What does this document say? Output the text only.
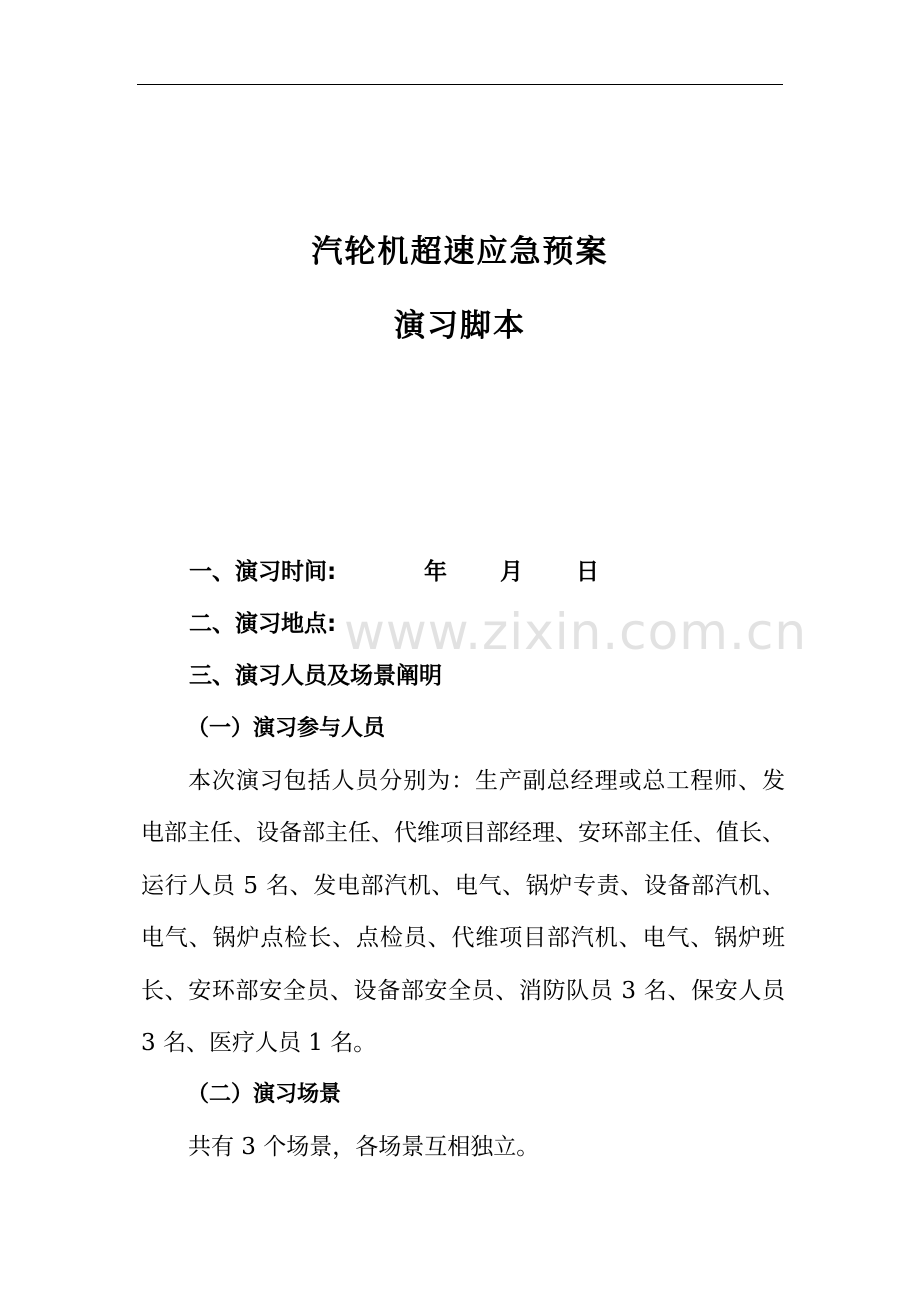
www.zixin.com.cn
汽轮机超速应急预案
演习脚本

一、演习时间:	年 月 日

二、演习地点:

三、演习人员及场景阐明

（一）演习参与人员

本次演习包括人员分别为：生产副总经理或总工程师、发电部主任、设备部主任、代维项目部经理、安环部主任、值长、运行人员 5 名、发电部汽机、电气、锅炉专责、设备部汽机、电气、锅炉点检长、点检员、代维项目部汽机、电气、锅炉班长、安环部安全员、设备部安全员、消防队员 3 名、保安人员 3 名、医疗人员 1 名。

（二）演习场景

共有 3 个场景，各场景互相独立。
